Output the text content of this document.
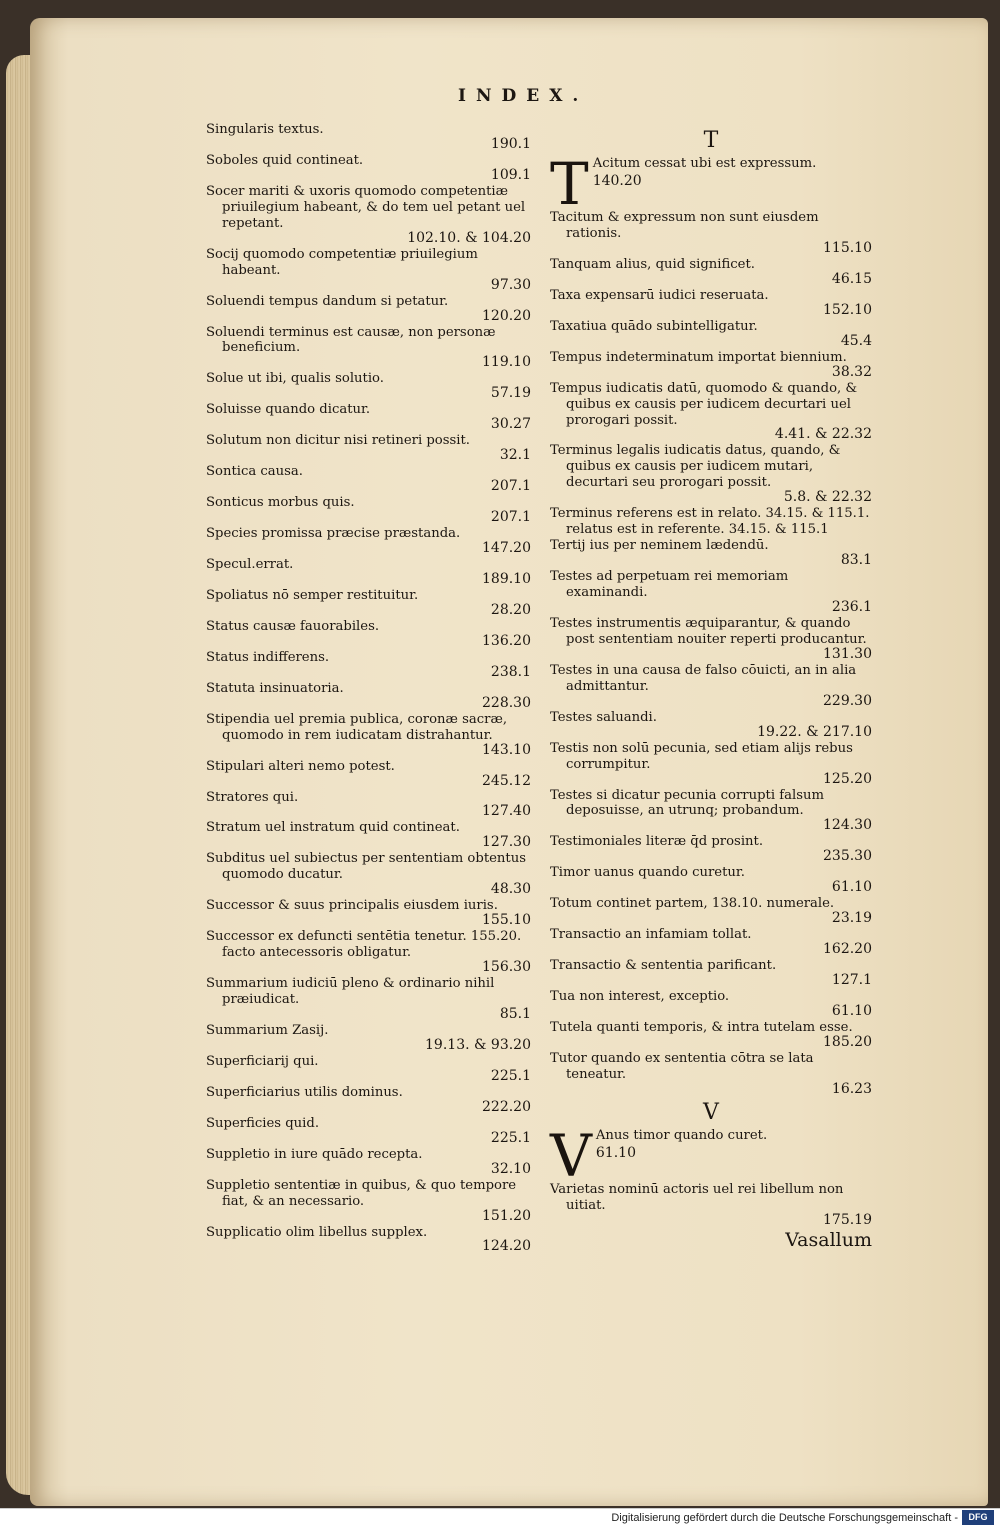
INDEX.
Singularis textus.
190.1
Soboles quid contineat.
109.1
Socer mariti & uxoris quomodo competentiæ priuilegium habeant, & do tem uel petant uel repetant.
102.10. & 104.20
Socij quomodo competentiæ priuilegium habeant.
97.30
Soluendi tempus dandum si petatur.
120.20
Soluendi terminus est causæ, non personæ beneficium.
119.10
Solue ut ibi, qualis solutio.
57.19
Soluisse quando dicatur.
30.27
Solutum non dicitur nisi retineri possit.
32.1
Sontica causa.
207.1
Sonticus morbus quis.
207.1
Species promissa præcise præstanda.
147.20
Specul.errat.
189.10
Spoliatus nō semper restituitur.
28.20
Status causæ fauorabiles.
136.20
Status indifferens.
238.1
Statuta insinuatoria.
228.30
Stipendia uel premia publica, coronæ sacræ, quomodo in rem iudicatam distrahantur.
143.10
Stipulari alteri nemo potest.
245.12
Stratores qui.
127.40
Stratum uel instratum quid contineat.
127.30
Subditus uel subiectus per sententiam obtentus quomodo ducatur.
48.30
Successor & suus principalis eiusdem iuris.
155.10
Successor ex defuncti sentētia tenetur. 155.20. facto antecessoris obligatur.
156.30
Summarium iudiciū pleno & ordinario nihil præiudicat.
85.1
Summarium Zasij.
19.13. & 93.20
Superficiarij qui.
225.1
Superficiarius utilis dominus.
222.20
Superficies quid.
225.1
Suppletio in iure quādo recepta.
32.10
Suppletio sententiæ in quibus, & quo tempore fiat, & an necessario.
151.20
Supplicatio olim libellus supplex.
124.20
T
T Acitum cessat ubi est expressum.
140.20
Tacitum & expressum non sunt eiusdem rationis.
115.10
Tanquam alius, quid significet.
46.15
Taxa expensarū iudici reseruata.
152.10
Taxatiua quādo subintelligatur.
45.4
Tempus indeterminatum importat biennium.
38.32
Tempus iudicatis datū, quomodo & quando, & quibus ex causis per iudicem decurtari uel prorogari possit.
4.41. & 22.32
Terminus legalis iudicatis datus, quando, & quibus ex causis per iudicem mutari, decurtari seu prorogari possit.
5.8. & 22.32
Terminus referens est in relato. 34.15. & 115.1. relatus est in referente. 34.15. & 115.1
Tertij ius per neminem lædendū.
83.1
Testes ad perpetuam rei memoriam examinandi.
236.1
Testes instrumentis æquiparantur, & quando post sententiam nouiter reperti producantur.
131.30
Testes in una causa de falso cōuicti, an in alia admittantur.
229.30
Testes saluandi.
19.22. & 217.10
Testis non solū pecunia, sed etiam alijs rebus corrumpitur.
125.20
Testes si dicatur pecunia corrupti falsum deposuisse, an utrunq; probandum.
124.30
Testimoniales literæ q̄d prosint.
235.30
Timor uanus quando curetur.
61.10
Totum continet partem, 138.10. numerale.
23.19
Transactio an infamiam tollat.
162.20
Transactio & sententia parificant.
127.1
Tua non interest, exceptio.
61.10
Tutela quanti temporis, & intra tutelam esse.
185.20
Tutor quando ex sententia cōtra se lata teneatur.
16.23
V
V Anus timor quando curet.
61.10
Varietas nominū actoris uel rei libellum non uitiat.
175.19
Vasallum
Digitalisierung gefördert durch die Deutsche Forschungsgemeinschaft -	DFG
